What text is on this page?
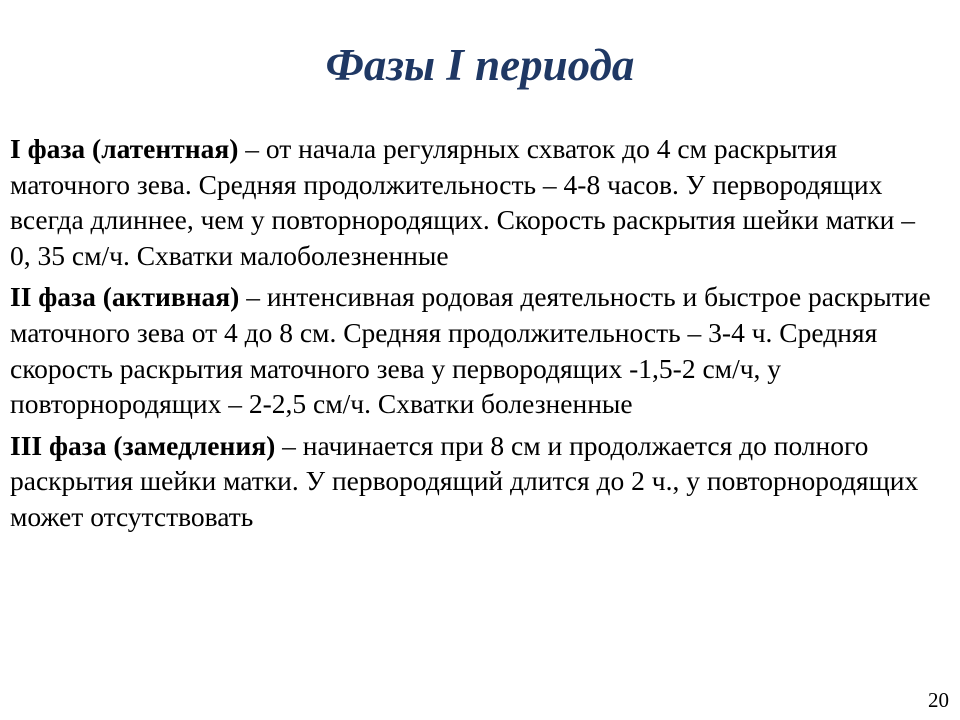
Фазы I периода

I фаза (латентная) – от начала регулярных схваток до 4 см раскрытия маточного зева. Средняя продолжительность – 4-8 часов. У первородящих всегда длиннее, чем у повторнородящих. Скорость раскрытия шейки матки – 0, 35 см/ч. Схватки малоболезненные

II фаза (активная) – интенсивная родовая деятельность и быстрое раскрытие маточного зева от 4 до 8 см. Средняя продолжительность – 3-4 ч. Средняя скорость раскрытия маточного зева у первородящих -1,5-2 см/ч, у повторнородящих – 2-2,5 см/ч. Схватки болезненные

III фаза (замедления) – начинается при 8 см и продолжается до полного раскрытия шейки матки. У первородящий длится до 2 ч., у повторнородящих может отсутствовать

20
